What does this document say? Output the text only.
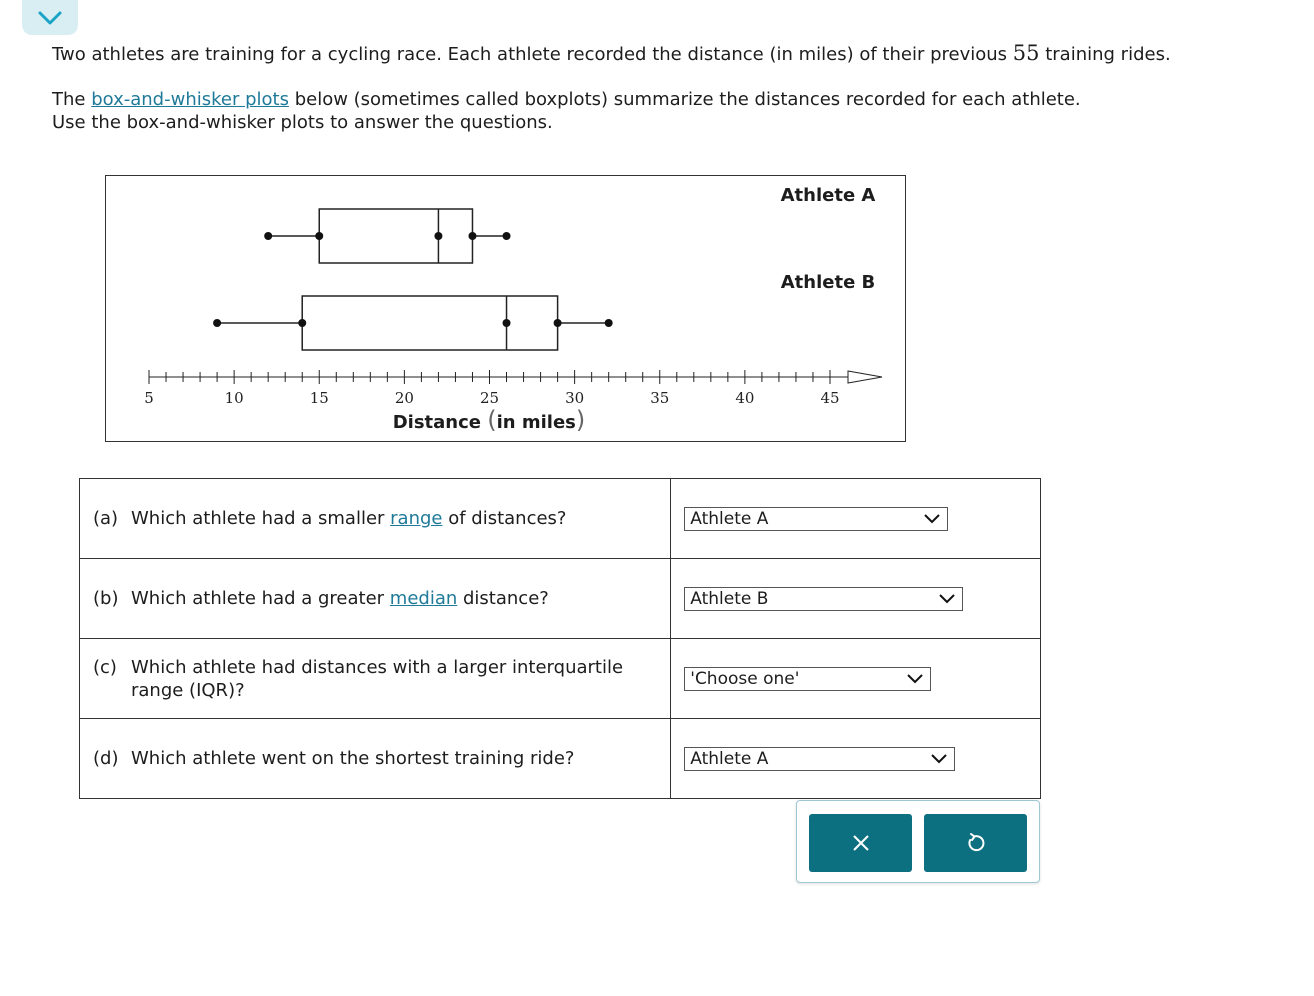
Two athletes are training for a cycling race. Each athlete recorded the distance (in miles) of their previous 55 training rides.

The box-and-whisker plots below (sometimes called boxplots) summarize the distances recorded for each athlete.
Use the box-and-whisker plots to answer the questions.

5	10	15	20	25	30	35	40	45
Distance (in miles)
Athlete A
Athlete B
(a) Which athlete had a smaller range of distances?	Athlete A

(b) Which athlete had a greater median distance?	Athlete B

(c) Which athlete had distances with a larger interquartile range (IQR)?	'Choose one'

(d) Which athlete went on the shortest training ride?	Athlete A
